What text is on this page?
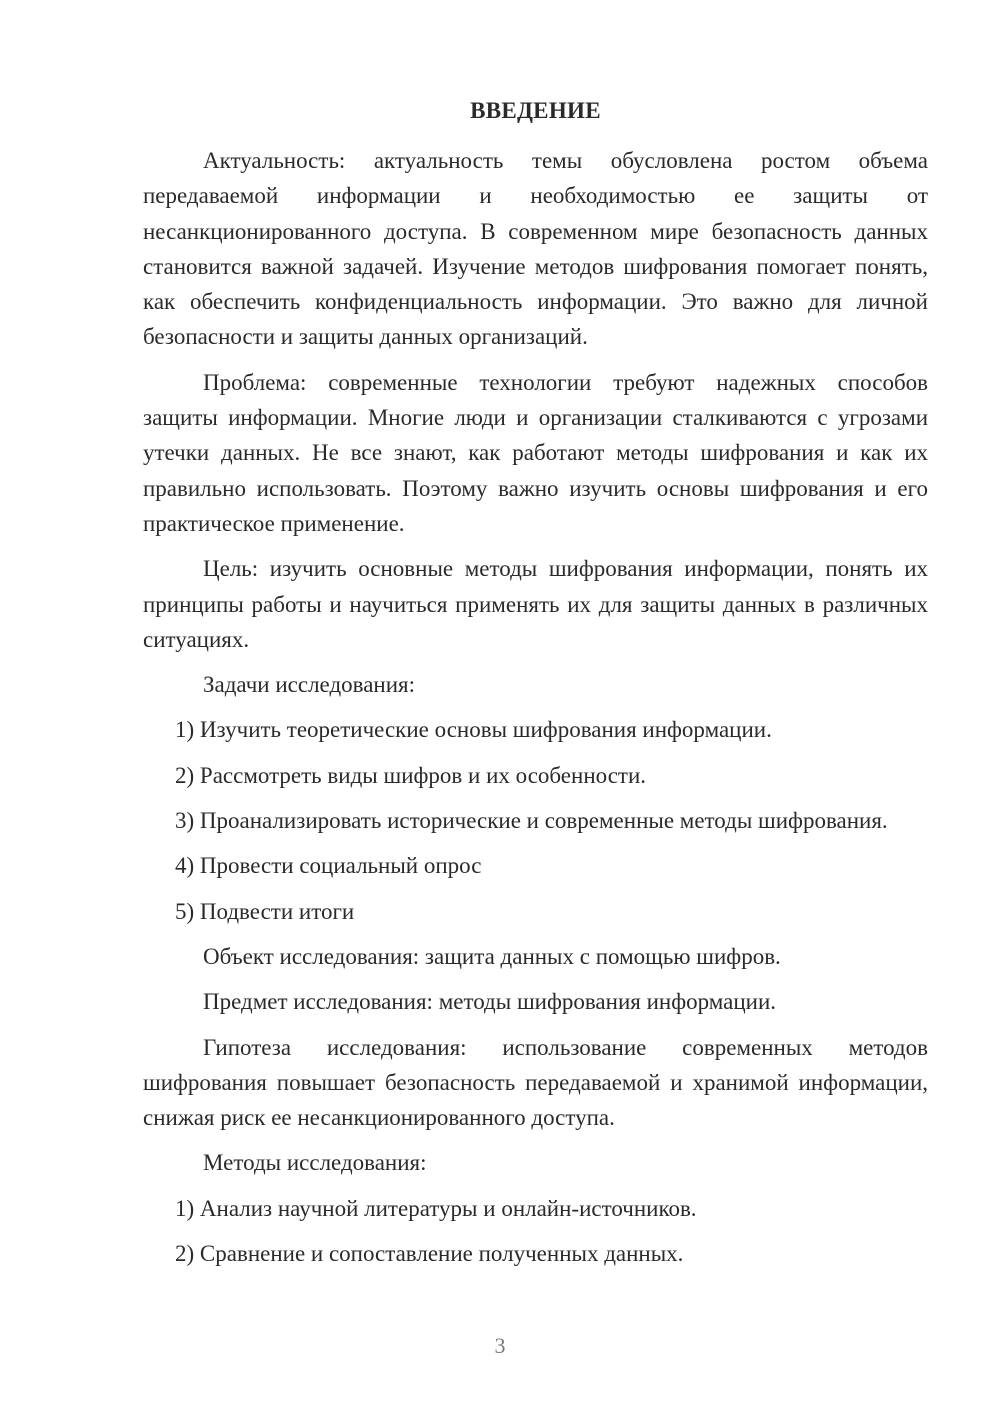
ВВЕДЕНИЕ

Актуальность: актуальность темы обусловлена ростом объема передаваемой информации и необходимостью ее защиты от несанкционированного доступа. В современном мире безопасность данных становится важной задачей. Изучение методов шифрования помогает понять, как обеспечить конфиденциальность информации. Это важно для личной безопасности и защиты данных организаций.

Проблема: современные технологии требуют надежных способов защиты информации. Многие люди и организации сталкиваются с угрозами утечки данных. Не все знают, как работают методы шифрования и как их правильно использовать. Поэтому важно изучить основы шифрования и его практическое применение.

Цель: изучить основные методы шифрования информации, понять их принципы работы и научиться применять их для защиты данных в различных ситуациях.

Задачи исследования:
1) Изучить теоретические основы шифрования информации.
2) Рассмотреть виды шифров и их особенности.
3) Проанализировать исторические и современные методы шифрования.
4) Провести социальный опрос
5) Подвести итоги
Объект исследования: защита данных с помощью шифров.
Предмет исследования: методы шифрования информации.

Гипотеза исследования: использование современных методов шифрования повышает безопасность передаваемой и хранимой информации, снижая риск ее несанкционированного доступа.

Методы исследования:
1) Анализ научной литературы и онлайн-источников.
2) Сравнение и сопоставление полученных данных.
3
